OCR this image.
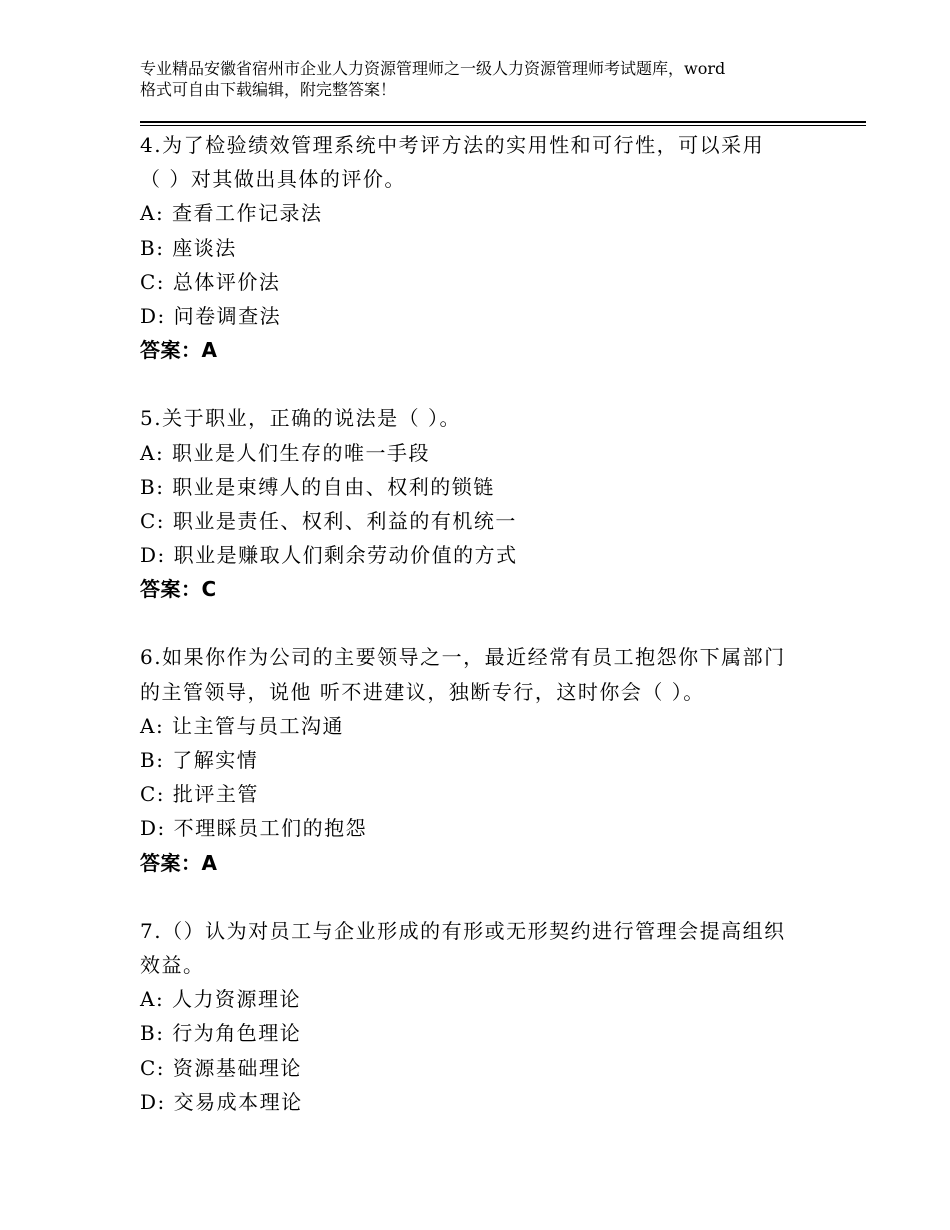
专业精品安徽省宿州市企业人力资源管理师之一级人力资源管理师考试题库，word
格式可自由下载编辑，附完整答案！
4.为了检验绩效管理系统中考评方法的实用性和可行性，可以采用
（ ）对其做出具体的评价。
A: 查看工作记录法
B: 座谈法
C: 总体评价法
D: 问卷调查法
答案：A
5.关于职业，正确的说法是（ ）。
A: 职业是人们生存的唯一手段
B: 职业是束缚人的自由、权利的锁链
C: 职业是责任、权利、利益的有机统一
D: 职业是赚取人们剩余劳动价值的方式
答案：C
6.如果你作为公司的主要领导之一，最近经常有员工抱怨你下属部门
的主管领导，说他 听不进建议，独断专行，这时你会（ ）。
A: 让主管与员工沟通
B: 了解实情
C: 批评主管
D: 不理睬员工们的抱怨
答案：A
7.（）认为对员工与企业形成的有形或无形契约进行管理会提高组织
效益。
A: 人力资源理论
B: 行为角色理论
C: 资源基础理论
D: 交易成本理论
